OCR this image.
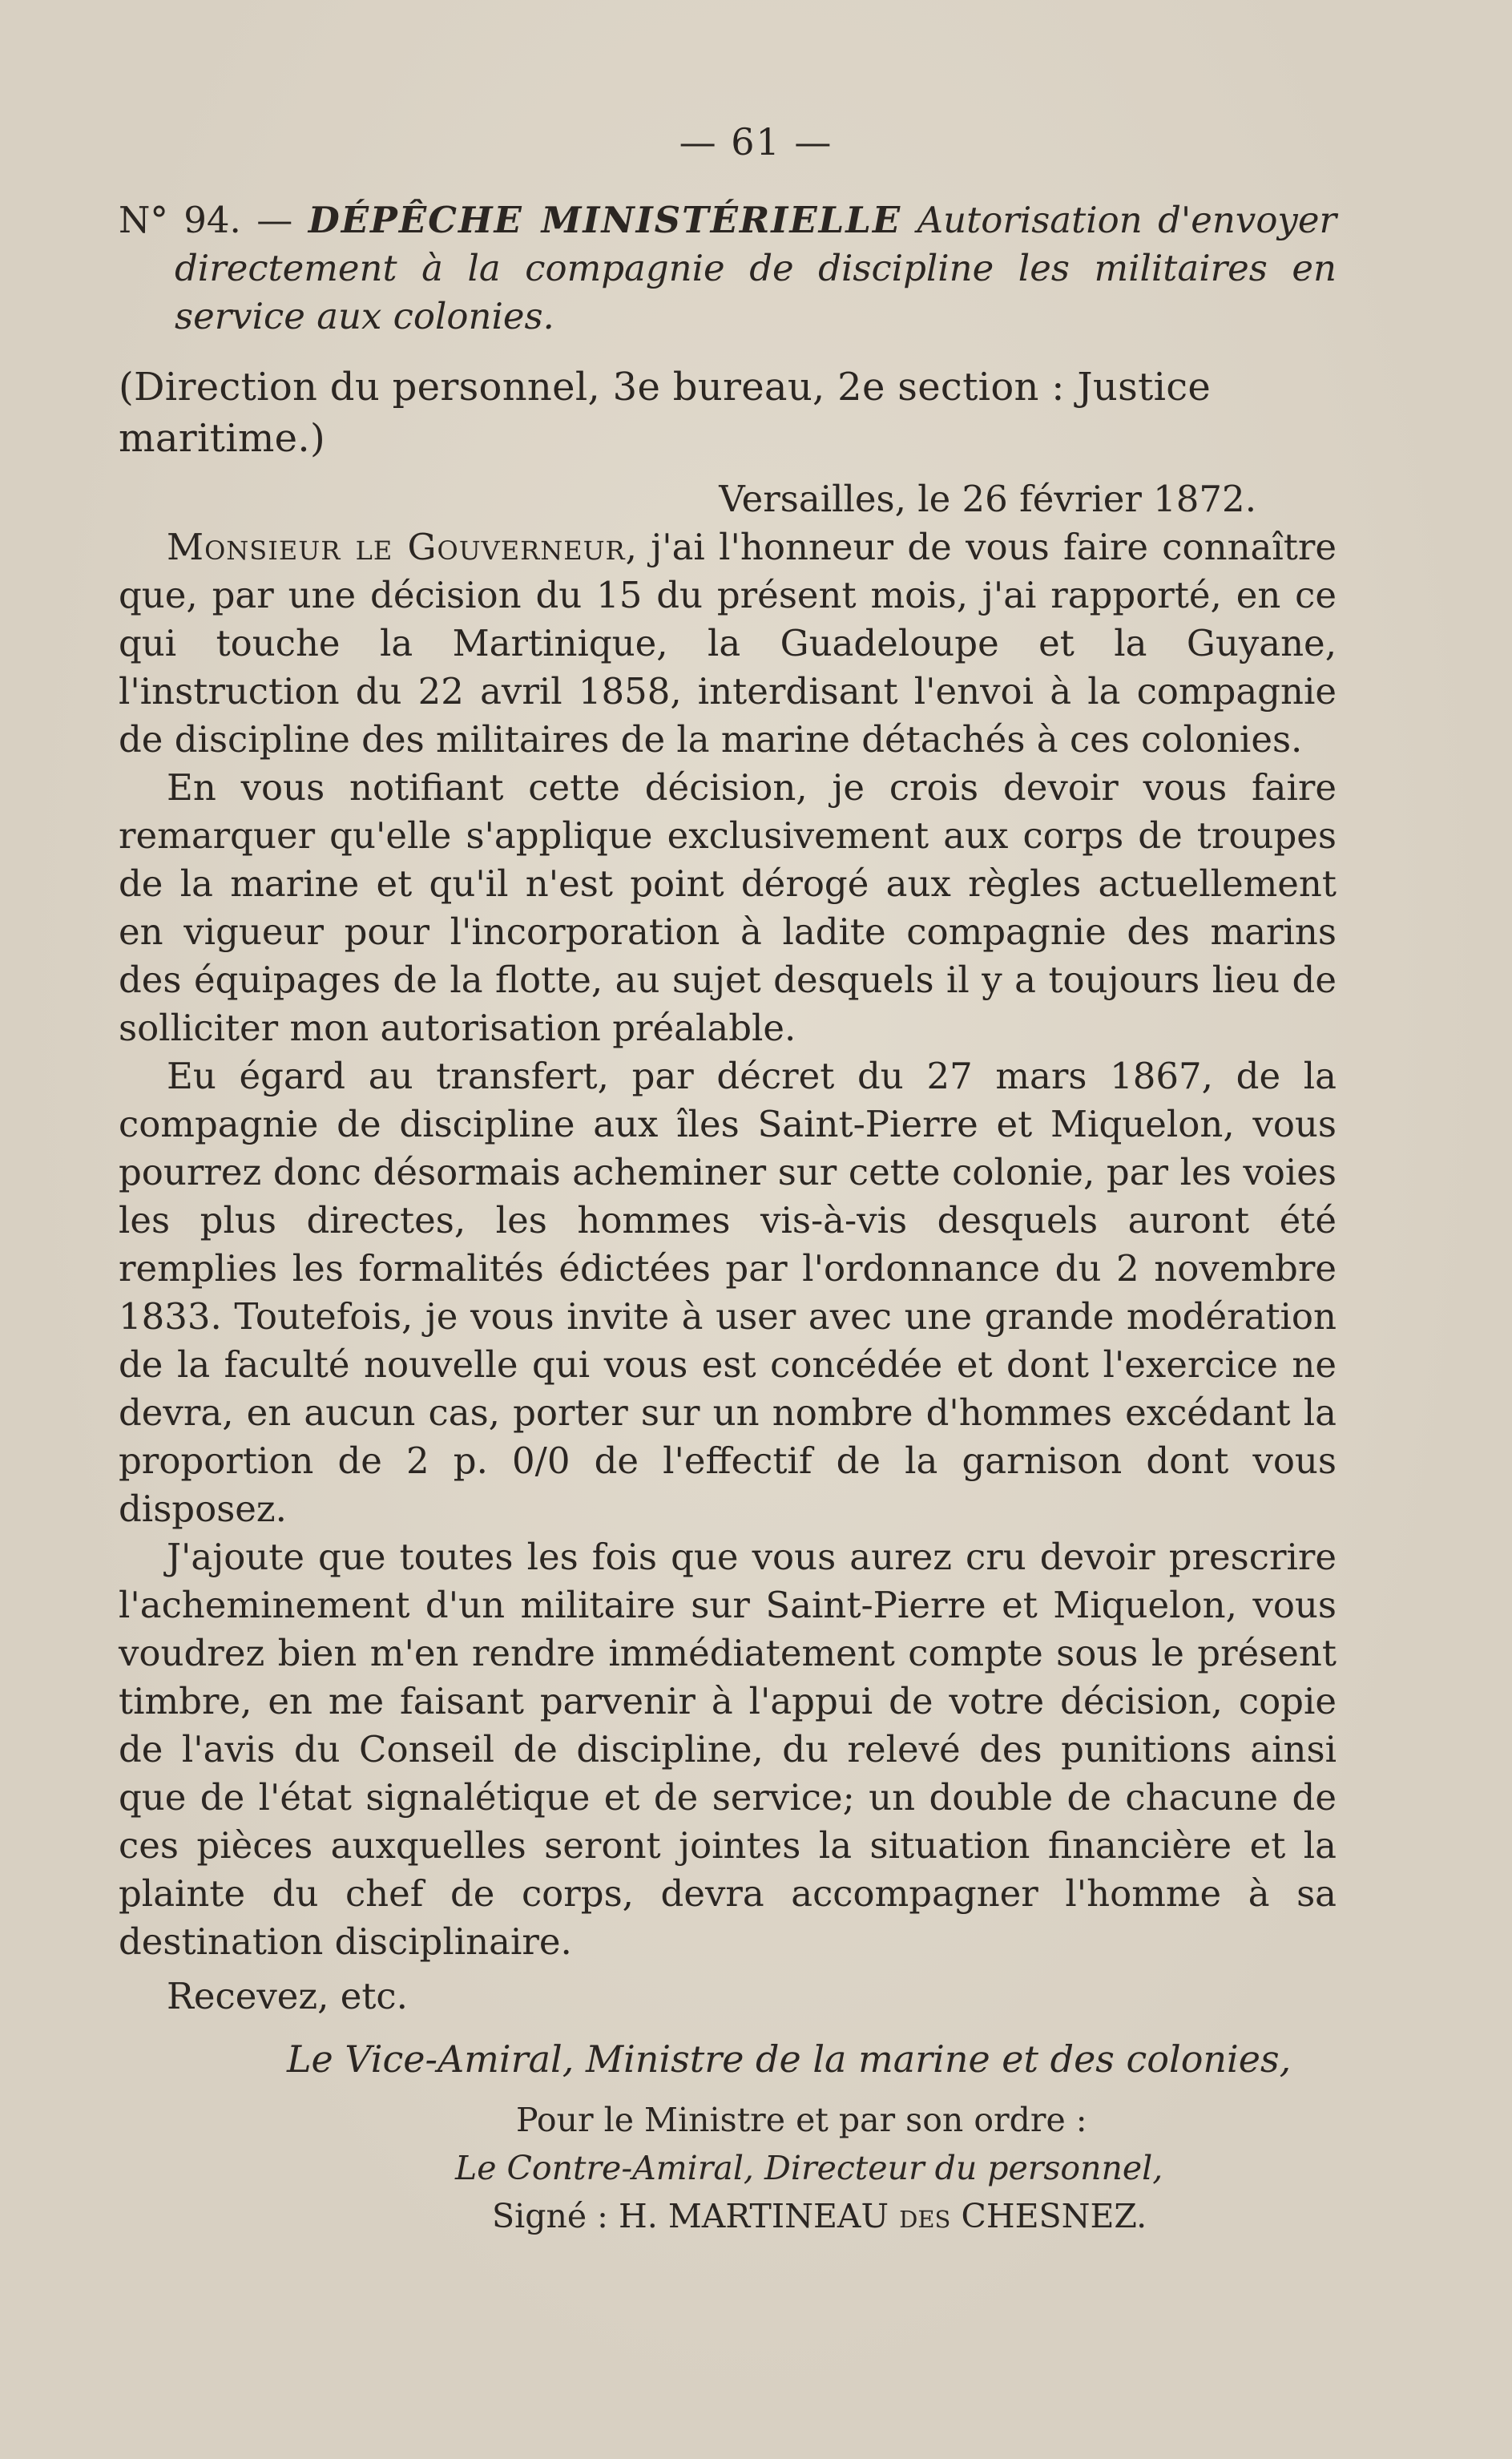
— 61 —

N° 94. — DÉPÊCHE MINISTÉRIELLE Autorisation d'envoyer directement à la compagnie de discipline les militaires en service aux colonies.

(Direction du personnel, 3e bureau, 2e section : Justice maritime.)

Versailles, le 26 février 1872.

Monsieur le Gouverneur, j'ai l'honneur de vous faire connaître que, par une décision du 15 du présent mois, j'ai rapporté, en ce qui touche la Martinique, la Guadeloupe et la Guyane, l'instruction du 22 avril 1858, interdisant l'envoi à la compagnie de discipline des militaires de la marine détachés à ces colonies.

En vous notifiant cette décision, je crois devoir vous faire remarquer qu'elle s'applique exclusivement aux corps de troupes de la marine et qu'il n'est point dérogé aux règles actuellement en vigueur pour l'incorporation à ladite compagnie des marins des équipages de la flotte, au sujet desquels il y a toujours lieu de solliciter mon autorisation préalable.

Eu égard au transfert, par décret du 27 mars 1867, de la compagnie de discipline aux îles Saint-Pierre et Miquelon, vous pourrez donc désormais acheminer sur cette colonie, par les voies les plus directes, les hommes vis-à-vis desquels auront été remplies les formalités édictées par l'ordonnance du 2 novembre 1833. Toutefois, je vous invite à user avec une grande modération de la faculté nouvelle qui vous est concédée et dont l'exercice ne devra, en aucun cas, porter sur un nombre d'hommes excédant la proportion de 2 p. 0/0 de l'effectif de la garnison dont vous disposez.

J'ajoute que toutes les fois que vous aurez cru devoir prescrire l'acheminement d'un militaire sur Saint-Pierre et Miquelon, vous voudrez bien m'en rendre immédiatement compte sous le présent timbre, en me faisant parvenir à l'appui de votre décision, copie de l'avis du Conseil de discipline, du relevé des punitions ainsi que de l'état signalétique et de service; un double de chacune de ces pièces auxquelles seront jointes la situation financière et la plainte du chef de corps, devra accompagner l'homme à sa destination disciplinaire.

Recevez, etc.

Le Vice-Amiral, Ministre de la marine et des colonies,

Pour le Ministre et par son ordre :

Le Contre-Amiral, Directeur du personnel,

Signé : H. MARTINEAU des CHESNEZ.
